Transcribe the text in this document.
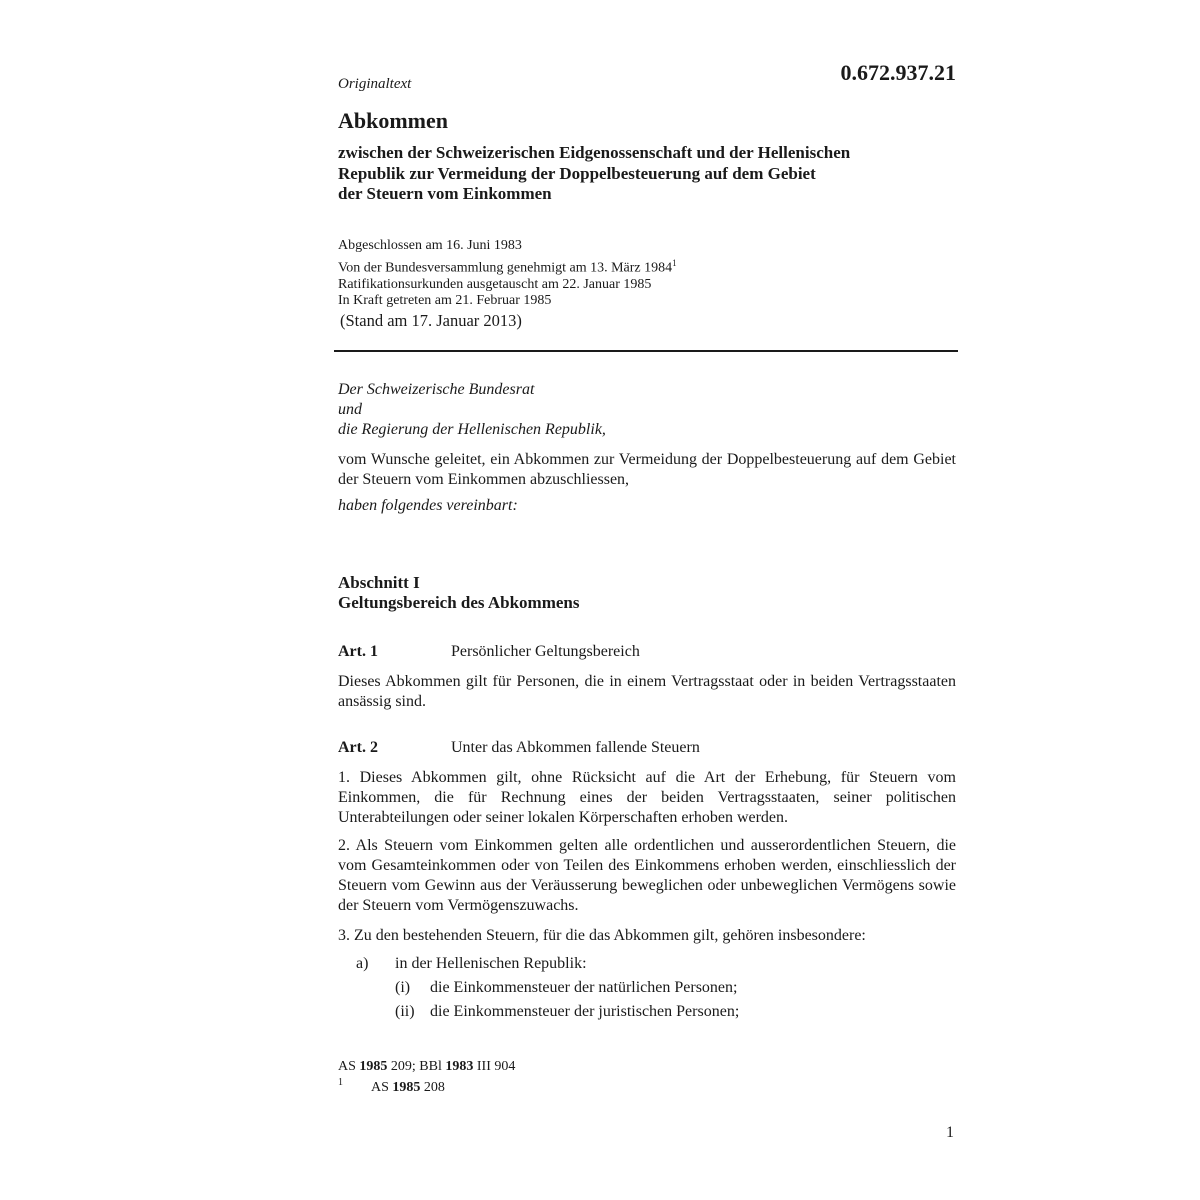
0.672.937.21
Originaltext
Abkommen
zwischen der Schweizerischen Eidgenossenschaft und der Hellenischen
Republik zur Vermeidung der Doppelbesteuerung auf dem Gebiet
der Steuern vom Einkommen
Abgeschlossen am 16. Juni 1983
Von der Bundesversammlung genehmigt am 13. März 1984$^1$
Ratifikationsurkunden ausgetauscht am 22. Januar 1985
In Kraft getreten am 21. Februar 1985
(Stand am 17. Januar 2013)
Der Schweizerische Bundesrat
und
die Regierung der Hellenischen Republik,
vom Wunsche geleitet, ein Abkommen zur Vermeidung der Doppelbesteuerung auf dem Gebiet der Steuern vom Einkommen abzuschliessen,
haben folgendes vereinbart:
Abschnitt I
Geltungsbereich des Abkommens
Art. 1	Persönlicher Geltungsbereich
Dieses Abkommen gilt für Personen, die in einem Vertragsstaat oder in beiden Vertragsstaaten ansässig sind.
Art. 2	Unter das Abkommen fallende Steuern
1. Dieses Abkommen gilt, ohne Rücksicht auf die Art der Erhebung, für Steuern vom Einkommen, die für Rechnung eines der beiden Vertragsstaaten, seiner politischen Unterabteilungen oder seiner lokalen Körperschaften erhoben werden.
2. Als Steuern vom Einkommen gelten alle ordentlichen und ausserordentlichen Steuern, die vom Gesamteinkommen oder von Teilen des Einkommens erhoben werden, einschliesslich der Steuern vom Gewinn aus der Veräusserung beweglichen oder unbeweglichen Vermögens sowie der Steuern vom Vermögenszuwachs.
3. Zu den bestehenden Steuern, für die das Abkommen gilt, gehören insbesondere:
a) in der Hellenischen Republik:
(i) die Einkommensteuer der natürlichen Personen;
(ii) die Einkommensteuer der juristischen Personen;
AS 1985 209; BBl 1983 III 904
1 AS 1985 208
1
